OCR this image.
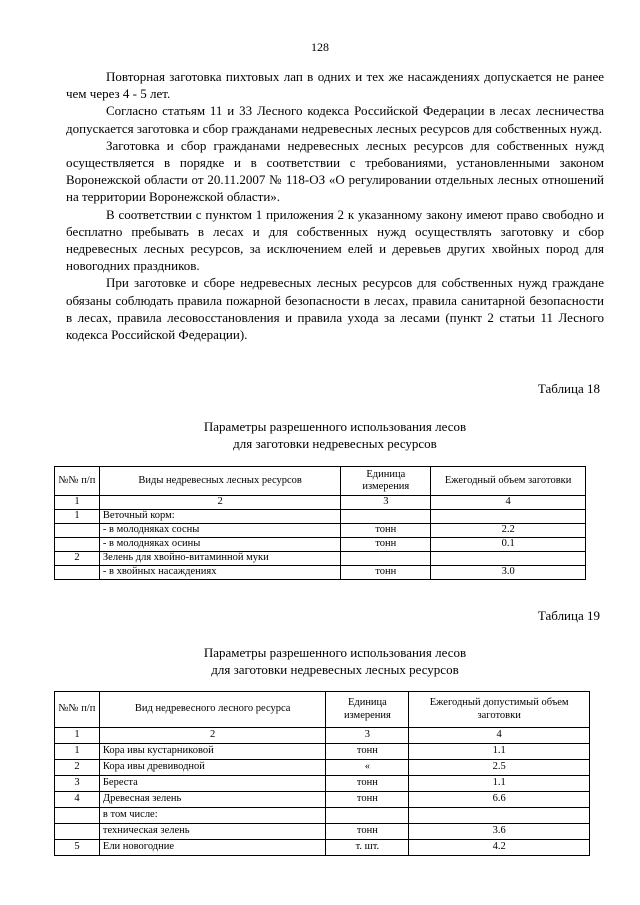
128

Повторная заготовка пихтовых лап в одних и тех же насаждениях допускается не ранее чем через 4 - 5 лет.

Согласно статьям 11 и 33 Лесного кодекса Российской Федерации в лесах лесничества допускается заготовка и сбор гражданами недревесных лесных ресурсов для собственных нужд.

Заготовка и сбор гражданами недревесных лесных ресурсов для собственных нужд осуществляется в порядке и в соответствии с требованиями, установленными законом Воронежской области от 20.11.2007 № 118-ОЗ «О регулировании отдельных лесных отношений на территории Воронежской области».

В соответствии с пунктом 1 приложения 2 к указанному закону имеют право свободно и бесплатно пребывать в лесах и для собственных нужд осуществлять заготовку и сбор недревесных лесных ресурсов, за исключением елей и деревьев других хвойных пород для новогодних праздников.

При заготовке и сборе недревесных лесных ресурсов для собственных нужд граждане обязаны соблюдать правила пожарной безопасности в лесах, правила санитарной безопасности в лесах, правила лесовосстановления и правила ухода за лесами (пункт 2 статьи 11 Лесного кодекса Российской Федерации).

Таблица 18
Параметры разрешенного использования лесов
для заготовки недревесных ресурсов
№№ п/п	Виды недревесных лесных ресурсов	Единица измерения	Ежегодный объем заготовки
1	2	3	4
1	Веточный корм:		
	- в молодняках сосны	тонн	2.2
	- в молодняках осины	тонн	0.1
2	Зелень для хвойно-витаминной муки		
	- в хвойных насаждениях	тонн	3.0
Таблица 19
Параметры разрешенного использования лесов
для заготовки недревесных лесных ресурсов
№№ п/п	Вид недревесного лесного ресурса	Единица измерения	Ежегодный допустимый объем заготовки
1	2	3	4
1	Кора ивы кустарниковой	тонн	1.1
2	Кора ивы древиводной	«	2.5
3	Береста	тонн	1.1
4	Древесная зелень	тонн	6.6
	в том числе:		
	техническая зелень	тонн	3.6
5	Ели новогодние	т. шт.	4.2
